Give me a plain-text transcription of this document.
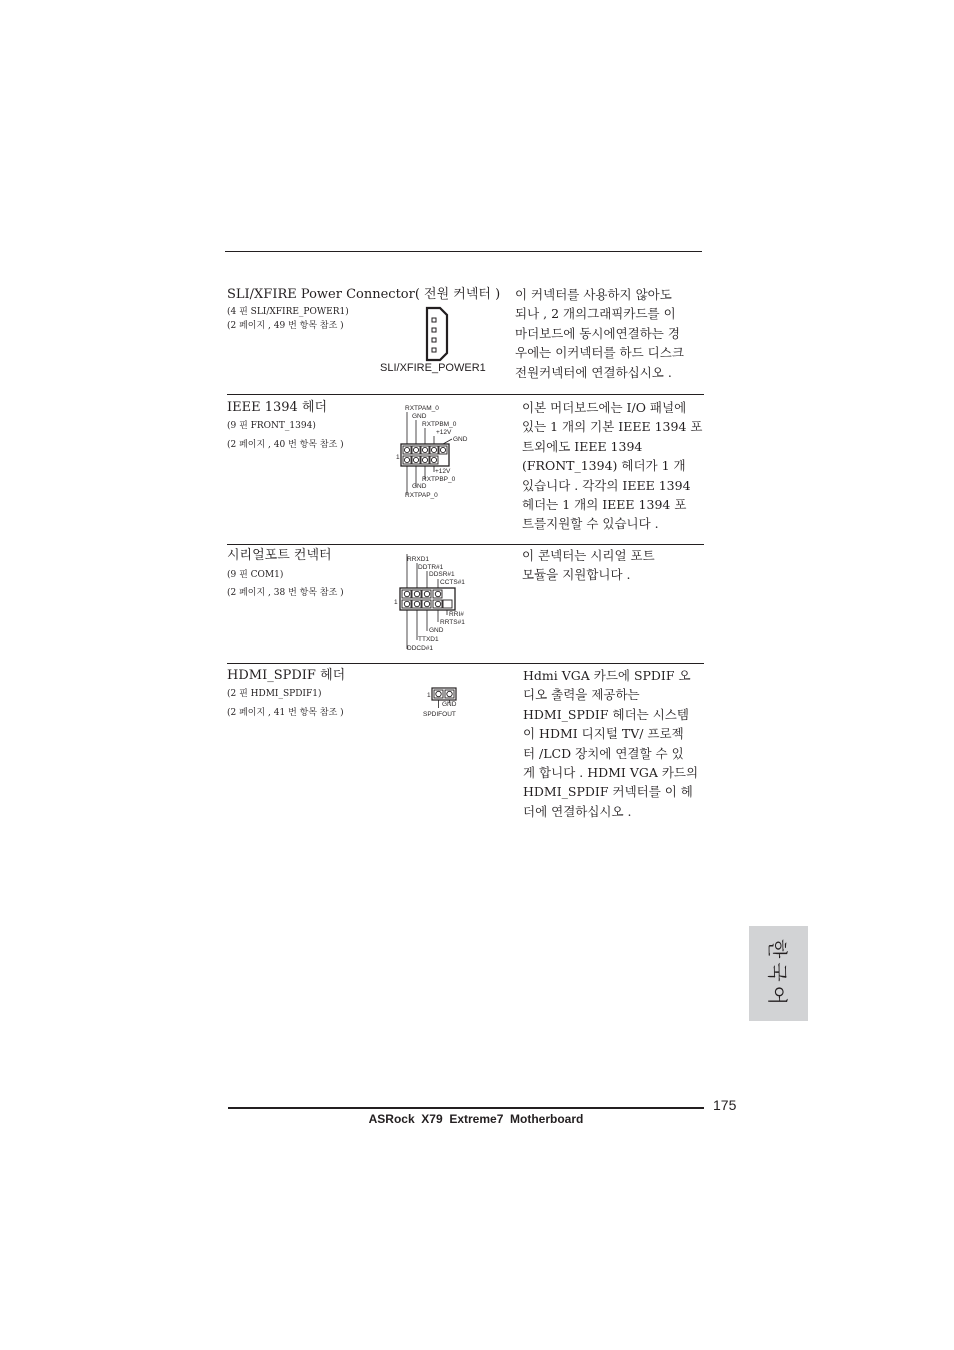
SLI/XFIRE Power Connector( 전원 커넥터 )
(4 핀 SLI/XFIRE_POWER1)
(2 페이지 , 49 번 항목 참조 )
SLI/XFIRE_POWER1
이 커넥터를 사용하지 않아도
되나 , 2 개의그래픽카드를 이
마더보드에 동시에연결하는 경
우에는 이커넥터를 하드 디스크
전원커넥터에 연결하십시오 .
IEEE 1394 헤더
(9 핀 FRONT_1394)
(2 페이지 , 40 번 항목 참조 )
RXTPAM_0
GND
RXTPBM_0
+12V
GND
1
+12V
RXTPBP_0
GND
RXTPAP_0
이본 머더보드에는 I/O 패널에
있는 1 개의 기본 IEEE 1394 포
트외에도 IEEE 1394
(FRONT_1394) 헤더가 1 개
있습니다 . 각각의 IEEE 1394
헤더는 1 개의 IEEE 1394 포
트를지원할 수 있습니다 .
시리얼포트 컨넥터
(9 핀 COM1)
(2 페이지 , 38 번 항목 참조 )
RRXD1
DDTR#1
DDSR#1
CCTS#1
1
RRI#
RRTS#1
GND
TTXD1
DDCD#1
이 콘넥터는 시리얼 포트
모듈을 지원합니다 .
HDMI_SPDIF 헤더
(2 핀 HDMI_SPDIF1)
(2 페이지 , 41 번 항목 참조 )
1
GND
SPDIFOUT
Hdmi VGA 카드에 SPDIF 오
디오 출력을 제공하는
HDMI_SPDIF 헤더는 시스템
이 HDMI 디지털 TV/ 프로젝
터 /LCD 장치에 연결할 수 있
게 합니다 . HDMI VGA 카드의
HDMI_SPDIF 커넥터를 이 헤
더에 연결하십시오 .
한국어
175
ASRock  X79  Extreme7  Motherboard
